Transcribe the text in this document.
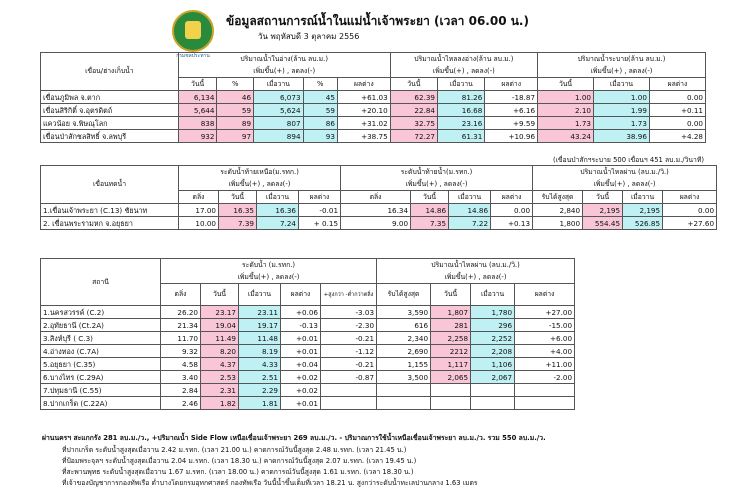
กรมชลประทาน
ข้อมูลสถานการณ์น้ำในแม่น้ำเจ้าพระยา (เวลา 06.00 น.)
วัน พฤหัสบดี 3 ตุลาคม 2556
เขื่อน/ฮ่างเก็บน้ำ	ปริมาณน้ำในอ่าง(ล้าน ลบ.ม.)					ปริมาณน้ำไหลลงอ่าง(ล้าน ลบ.ม.)			ปริมาณน้ำระบาย(ล้าน ลบ.ม.)		
	เพิ่มขึ้น(+) , ลดลง(-)					เพิ่มขึ้น(+) , ลดลง(-)			เพิ่มขึ้น(+) , ลดลง(-)		
	วันนี้	%	เมื่อวาน	%	ผลต่าง	วันนี้	เมื่อวาน	ผลต่าง	วันนี้	เมื่อวาน	ผลต่าง
เขื่อนภูมิพล จ.ตาก	6,134	46	6,073	45	+61.03	62.39	81.26	-18.87	1.00	1.00	0.00
เขื่อนสิริกิติ์ จ.อุตรดิตถ์	5,644	59	5,624	59	+20.10	22.84	16.68	+6.16	2.10	1.99	+0.11
แควน้อย จ.พิษณุโลก	838	89	807	86	+31.02	32.75	23.16	+9.59	1.73	1.73	0.00
เขื่อนป่าสักชลสิทธิ์ จ.ลพบุรี	932	97	894	93	+38.75	72.27	61.31	+10.96	43.24	38.96	+4.28
(เขื่อนป่าสักฯระบาย 500 เขื่อนฯ 451 ลบ.ม./วินาที)
เขื่อนทดน้ำ	ระดับน้ำท้ายเหนือ(ม.รทก.)				ระดับน้ำท้ายน้ำ(ม.รทก.)				ปริมาณน้ำไหลผ่าน (ลบ.ม./วิ.)			
	เพิ่มขึ้น(+) , ลดลง(-)				เพิ่มขึ้น(+) , ลดลง(-)				เพิ่มขึ้น(+) , ลดลง(-)			
	ตลิ่ง	วันนี้	เมื่อวาน	ผลต่าง	ตลิ่ง	วันนี้	เมื่อวาน	ผลต่าง	รับได้สูงสุด	วันนี้	เมื่อวาน	ผลต่าง
1.เขื่อนเจ้าพระยา (C.13) ชัยนาท	17.00	16.35	16.36	-0.01	16.34	14.86	14.86	0.00	2,840	2,195	2,195	0.00
2. เขื่อนพระรามหก จ.อยุธยา	10.00	7.39	7.24	+ 0.15	9.00	7.35	7.22	+0.13	1,800	554.45	526.85	+27.60
สถานี	ระดับน้ำ (ม.รทก.)					ปริมาณน้ำไหลผ่าน (ลบ.ม./วิ.)			
	เพิ่มขึ้น(+) , ลดลง(-)					เพิ่มขึ้น(+) , ลดลง(-)			
	ตลิ่ง	วันนี้	เมื่อวาน	ผลต่าง	+สูงกว่า -ต่ำกว่าตลิ่ง	รับได้สูงสุด	วันนี้	เมื่อวาน	ผลต่าง
1.นครสวรรค์ (C.2)	26.20	23.17	23.11	+0.06	-3.03	3,590	1,807	1,780	+27.00
2.อุทัยธานี (Ct.2A)	21.34	19.04	19.17	-0.13	-2.30	616	281	296	-15.00
3.สิงห์บุรี ( C.3)	11.70	11.49	11.48	+0.01	-0.21	2,340	2,258	2,252	+6.00
4.อ่างทอง (C.7A)	9.32	8.20	8.19	+0.01	-1.12	2,690	2212	2,208	+4.00
5.อยุธยา (C.35)	4.58	4.37	4.33	+0.04	-0.21	1,155	1,117	1,106	+11.00
6.บางไทร (C.29A)	3.40	2.53	2.51	+0.02	-0.87	3,500	2,065	2,067	-2.00
7.ปทุมธานี (C.55)	2.84	2.31	2.29	+0.02					
8.ปากเกร็ด (C.22A)	2.46	1.82	1.81	+0.01					
ผ่านนครฯ สะแกกรัง 281 ลบ.ม./ว., +ปริมาณน้ำ Side Flow เหนือเขื่อนเจ้าพระยา 269 ลบ.ม./ว. - ปริมาณการใช้น้ำเหนือเขื่อนเจ้าพระยา ลบ.ม./ว. รวม 550 ลบ.ม./ว.
ที่ปากเกร็ด ระดับน้ำสูงสุดเมื่อวาน 2.42 ม.รทก. (เวลา 21.00 น.) คาดการณ์วันนี้สูงสุด 2.48 ม.รทก. (เวลา 21.45 น.)
ที่ป้อมพระจุลฯ ระดับน้ำสูงสุดเมื่อวาน 2.04 ม.รทก. (เวลา 18.30 น.) คาดการณ์วันนี้สูงสุด 2.07 ม.รทก. (เวลา 19.45 น.)
ที่สะพานพุทธ ระดับน้ำสูงสุดเมื่อวาน 1.67 ม.รทก. (เวลา 18.00 น.) คาดการณ์วันนี้สูงสุด 1.61 ม.รทก. (เวลา 18.30 น.)
ที่เจ้าของบัญชาการกองทัพเรือ ต่ำบางโดยกรมอุทกศาสตร์ กองทัพเรือ วันนี้น้ำขึ้นเต็มที่เวลา 18.21 น. สูงกว่าระดับน้ำทะเลปานกลาง 1.63 เมตร
